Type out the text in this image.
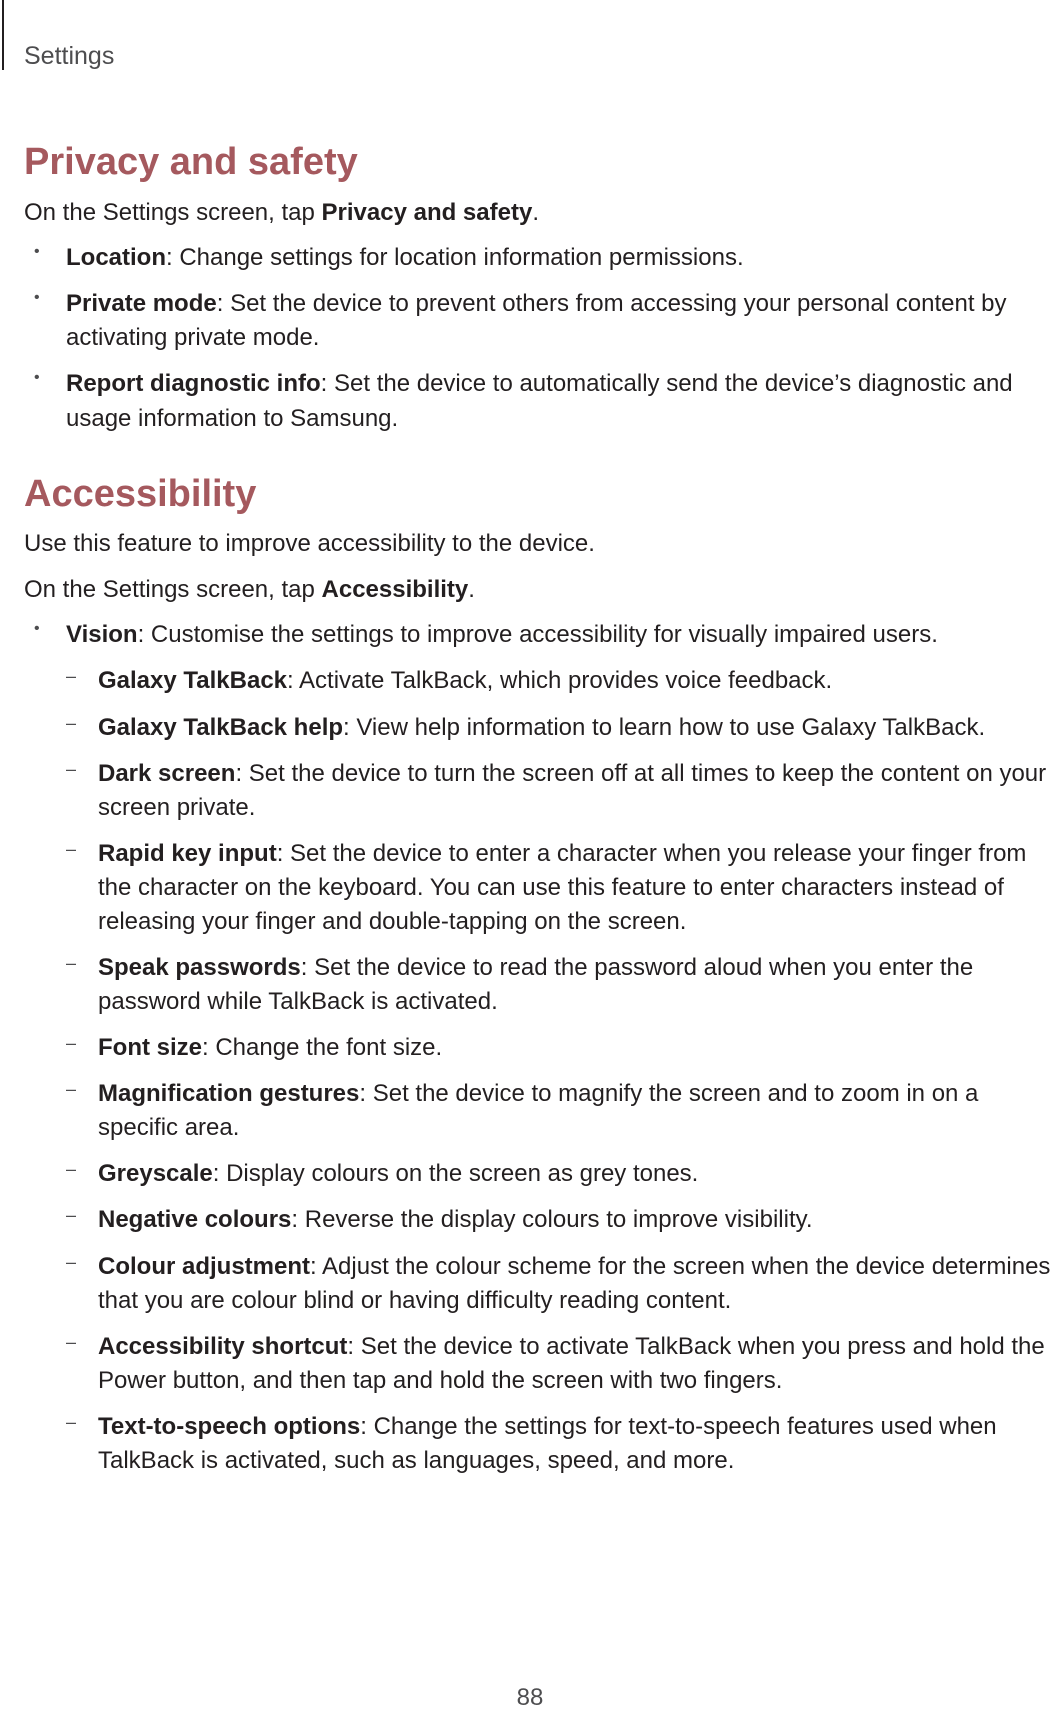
Settings
Privacy and safety

On the Settings screen, tap Privacy and safety.

• Location: Change settings for location information permissions.
• Private mode: Set the device to prevent others from accessing your personal content by activating private mode.
• Report diagnostic info: Set the device to automatically send the device’s diagnostic and usage information to Samsung.
Accessibility

Use this feature to improve accessibility to the device.

On the Settings screen, tap Accessibility.

• Vision: Customise the settings to improve accessibility for visually impaired users.
– Galaxy TalkBack: Activate TalkBack, which provides voice feedback.
– Galaxy TalkBack help: View help information to learn how to use Galaxy TalkBack.
– Dark screen: Set the device to turn the screen off at all times to keep the content on your screen private.
– Rapid key input: Set the device to enter a character when you release your finger from the character on the keyboard. You can use this feature to enter characters instead of releasing your finger and double-tapping on the screen.
– Speak passwords: Set the device to read the password aloud when you enter the password while TalkBack is activated.
– Font size: Change the font size.
– Magnification gestures: Set the device to magnify the screen and to zoom in on a specific area.
– Greyscale: Display colours on the screen as grey tones.
– Negative colours: Reverse the display colours to improve visibility.
– Colour adjustment: Adjust the colour scheme for the screen when the device determines that you are colour blind or having difficulty reading content.
– Accessibility shortcut: Set the device to activate TalkBack when you press and hold the Power button, and then tap and hold the screen with two fingers.
– Text-to-speech options: Change the settings for text-to-speech features used when TalkBack is activated, such as languages, speed, and more.
88
